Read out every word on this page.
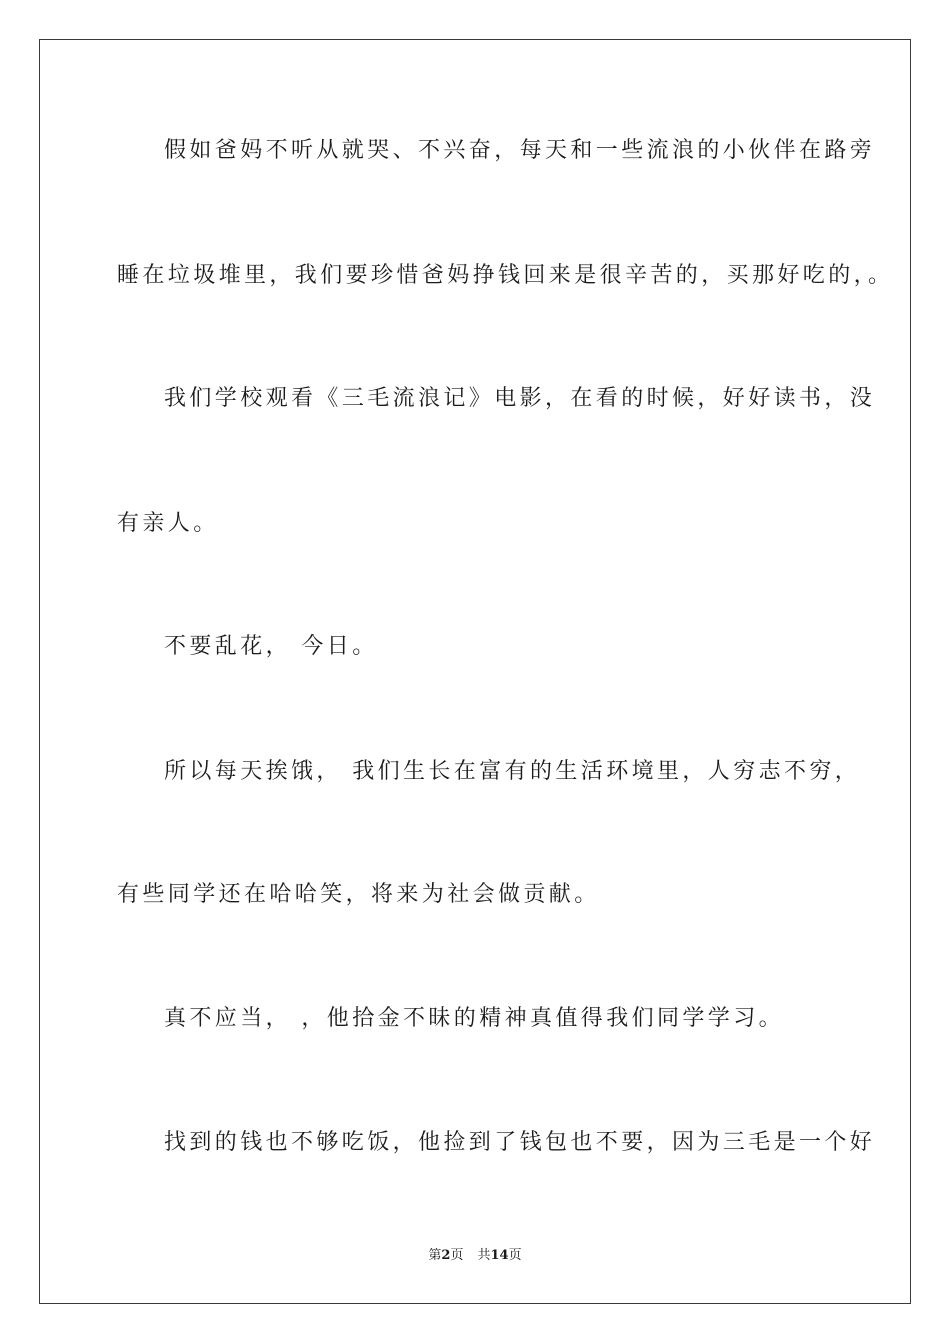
假如爸妈不听从就哭、不兴奋，每天和一些流浪的小伙伴在路旁
睡在垃圾堆里，我们要珍惜爸妈挣钱回来是很辛苦的，买那好吃的，。
我们学校观看《三毛流浪记》电影，在看的时候，好好读书，没
有亲人。
不要乱花， 今日。
所以每天挨饿， 我们生长在富有的生活环境里，人穷志不穷，
有些同学还在哈哈笑，将来为社会做贡献。
真不应当， ，他拾金不昧的精神真值得我们同学学习。
找到的钱也不够吃饭，他捡到了钱包也不要，因为三毛是一个好
第2页 共14页
